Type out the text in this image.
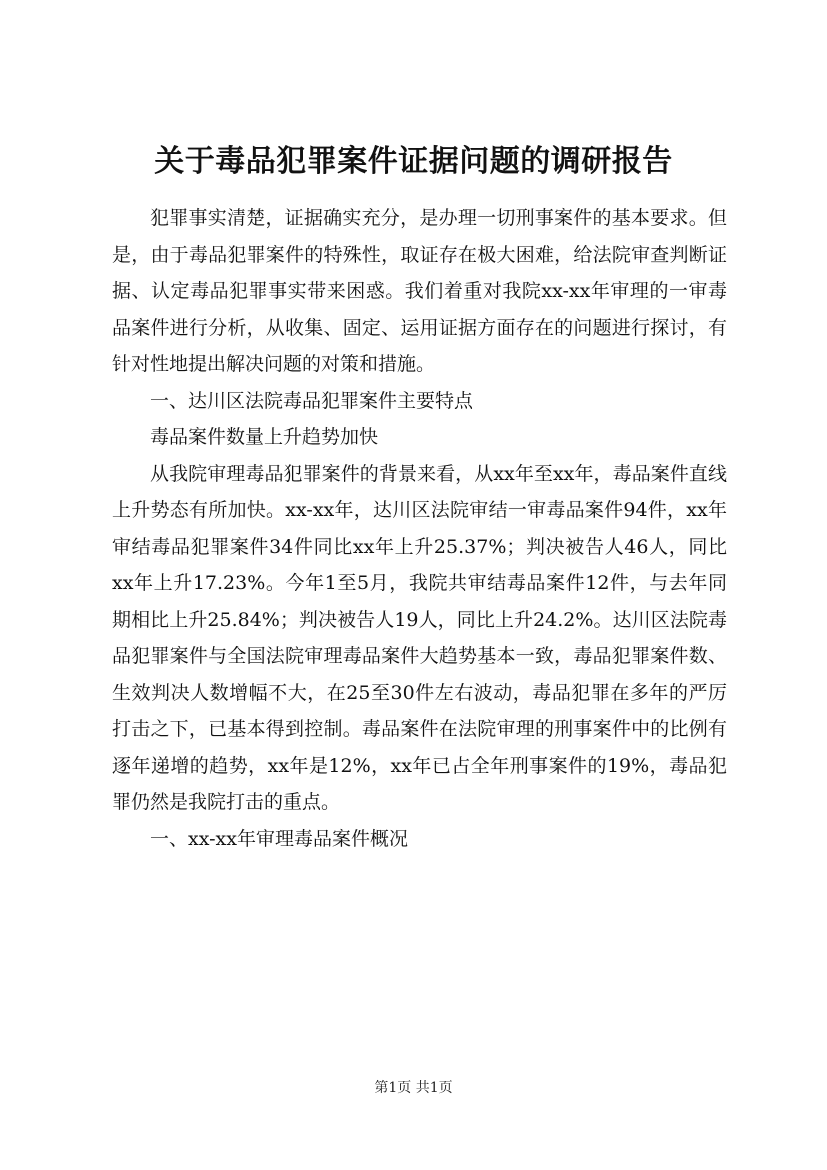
关于毒品犯罪案件证据问题的调研报告

犯罪事实清楚，证据确实充分，是办理一切刑事案件的基本要求。但是，由于毒品犯罪案件的特殊性，取证存在极大困难，给法院审查判断证据、认定毒品犯罪事实带来困惑。我们着重对我院xx-xx年审理的一审毒品案件进行分析，从收集、固定、运用证据方面存在的问题进行探讨，有针对性地提出解决问题的对策和措施。

一、达川区法院毒品犯罪案件主要特点

毒品案件数量上升趋势加快

从我院审理毒品犯罪案件的背景来看，从xx年至xx年，毒品案件直线上升势态有所加快。xx-xx年，达川区法院审结一审毒品案件94件，xx年审结毒品犯罪案件34件同比xx年上升25.37%；判决被告人46人，同比xx年上升17.23%。今年1至5月，我院共审结毒品案件12件，与去年同期相比上升25.84%；判决被告人19人，同比上升24.2%。达川区法院毒品犯罪案件与全国法院审理毒品案件大趋势基本一致，毒品犯罪案件数、生效判决人数增幅不大，在25至30件左右波动，毒品犯罪在多年的严厉打击之下，已基本得到控制。毒品案件在法院审理的刑事案件中的比例有逐年递增的趋势，xx年是12%，xx年已占全年刑事案件的19%，毒品犯罪仍然是我院打击的重点。

一、xx-xx年审理毒品案件概况

第1页 共1页
